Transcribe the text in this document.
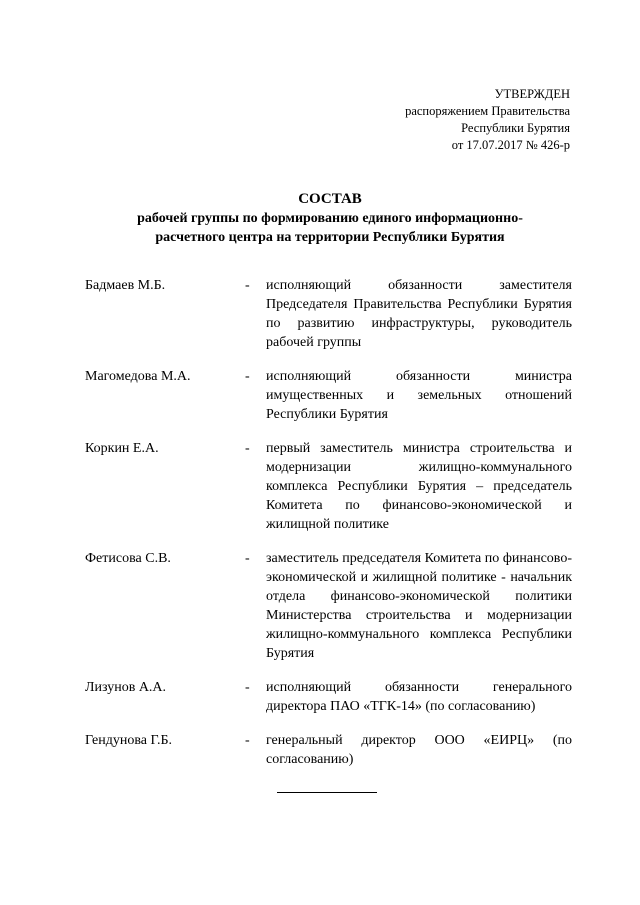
УТВЕРЖДЕН
распоряжением Правительства
Республики Бурятия
от 17.07.2017 № 426-р
СОСТАВ
рабочей группы по формированию единого информационно-
расчетного центра на территории Республики Бурятия
Бадмаев М.Б.	-	исполняющий обязанности заместителя Председателя Правительства Республики Бурятия по развитию инфраструктуры, руководитель рабочей группы
Магомедова М.А.	-	исполняющий обязанности министра имущественных и земельных отношений Республики Бурятия
Коркин Е.А.	-	первый заместитель министра строительства и модернизации жилищно-коммунального комплекса Республики Бурятия – председатель Комитета по финансово-экономической и жилищной политике
Фетисова С.В.	-	заместитель председателя Комитета по финансово-экономической и жилищной политике - начальник отдела финансово-экономической политики Министерства строительства и модернизации жилищно-коммунального комплекса Республики Бурятия
Лизунов А.А.	-	исполняющий обязанности генерального директора ПАО «ТГК-14» (по согласованию)
Гендунова Г.Б.	-	генеральный директор ООО «ЕИРЦ» (по согласованию)
